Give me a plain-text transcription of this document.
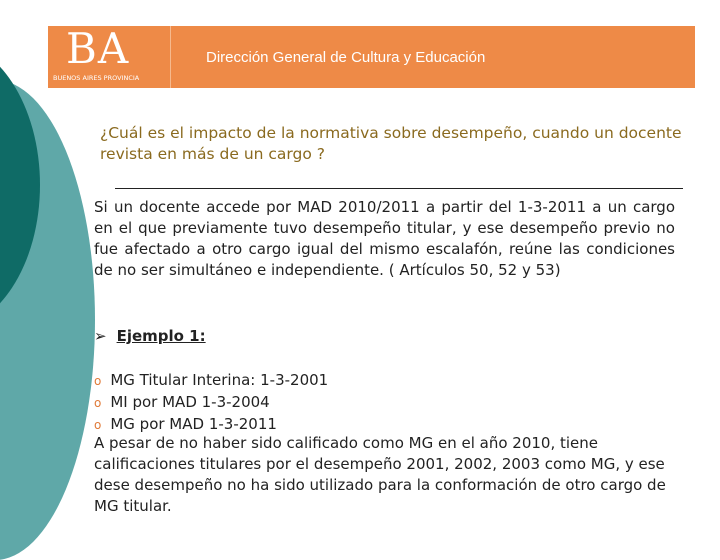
BA
BUENOS AIRES PROVINCIA
Dirección General de Cultura y Educación
¿Cuál es el impacto de la normativa sobre desempeño, cuando un docente revista en más de un cargo ?
Si un docente accede por MAD 2010/2011 a partir del 1-3-2011 a un cargo en el que previamente tuvo desempeño titular, y ese desempeño previo no fue afectado a otro cargo igual del mismo escalafón, reúne las condiciones de no ser simultáneo e independiente. ( Artículos 50, 52 y 53)
➢ Ejemplo 1:
o MG Titular Interina: 1-3-2001
o MI por MAD 1-3-2004
o MG por MAD 1-3-2011
A pesar de no haber sido calificado como MG en el año 2010, tiene calificaciones titulares por el desempeño 2001, 2002, 2003 como MG, y ese dese desempeño no ha sido utilizado para la conformación de otro cargo de MG titular.
